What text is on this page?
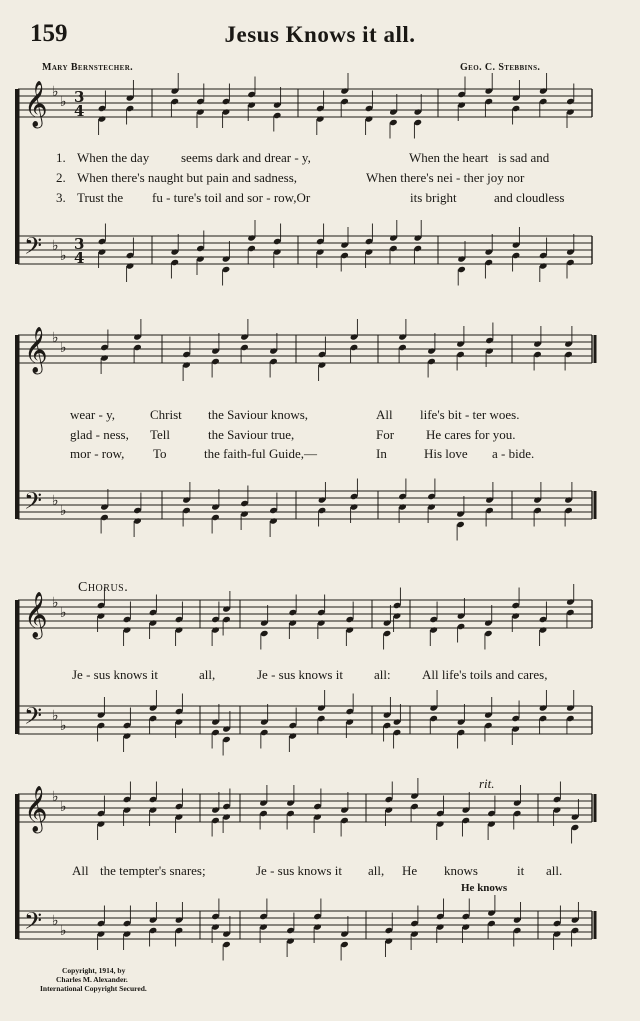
𝄞 ♭
♭
𝄢 ♭
♭
𝄞 ♭
♭
𝄢 ♭
♭
𝄞 ♭
♭
𝄢 ♭
♭
𝄞 ♭
♭
𝄢 ♭
♭
3
4
3
4
159	Jesus Knows it all.
Mary Bernstecher.	Geo. C. Stebbins.
1. When the day seems dark and drear - y,	When the heart is sad and
2. When there's naught but pain and sadness,	When there's nei - ther joy nor
3. Trust the fu - ture's toil and sor - row,Or	its bright	and cloudless
wear - y,	Christ the Saviour knows,	All life's bit - ter woes.
glad - ness, Tell	the Saviour true,	For He cares for you.
mor - row, To	the faith-ful Guide,—	In	His love a - bide.
Chorus.
Je - sus knows it	all,	Je - sus knows it all: All life's toils and cares,
rit.
All the tempter's snares;	Je - sus knows it all, He knows	it all.
He knows
Copyright, 1914, by
Charles M. Alexander.
International Copyright Secured.
